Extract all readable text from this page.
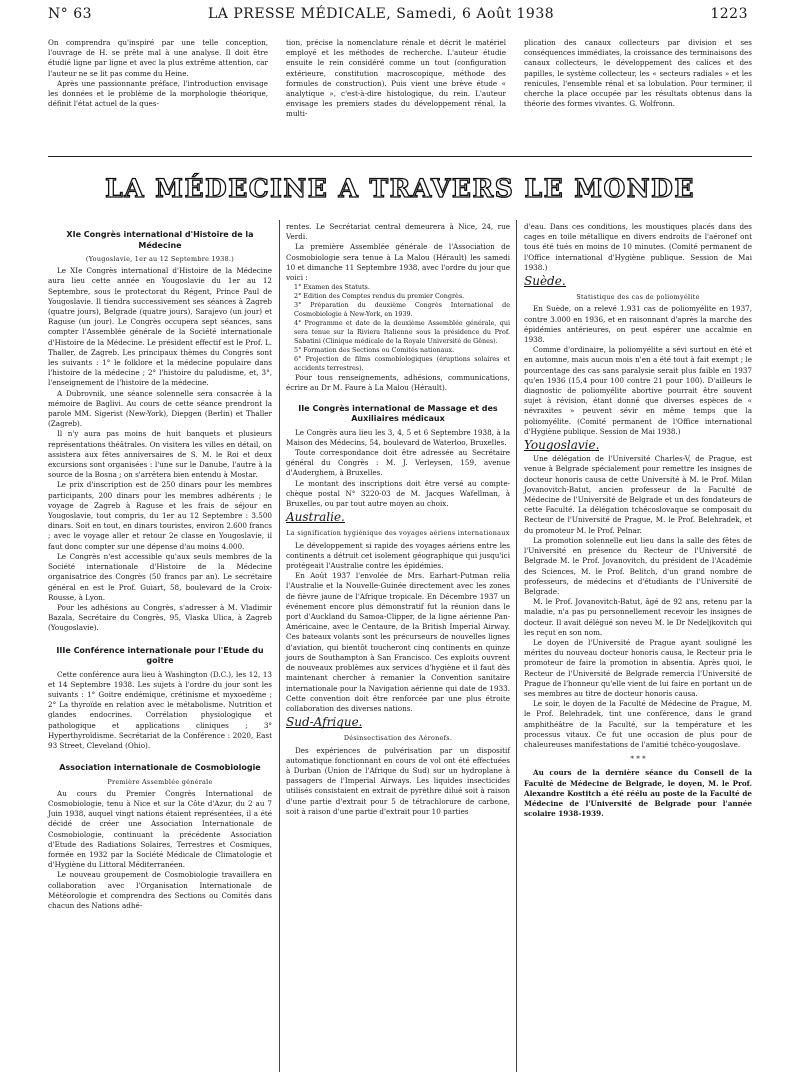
N° 63	LA PRESSE MÉDICALE, Samedi, 6 Août 1938	1223

On comprendra qu'inspiré par une telle conception, l'ouvrage de H. se prête mal à une analyse. Il doit être étudié ligne par ligne et avec la plus extrême attention, car l'auteur ne se lit pas comme du Heine.

Après une passionnante préface, l'introduction envisage les données et le problème de la morphologie théorique, définit l'état actuel de la ques-

tion, précise la nomenclature rénale et décrit le matériel employé et les méthodes de recherche. L'auteur étudie ensuite le rein considéré comme un tout (configuration extérieure, constitution macroscopique, méthode des formules de construction). Puis vient une brève étude « analytique », c'est-à-dire histologique, du rein. L'auteur envisage les premiers stades du développement rénal, la multi-

plication des canaux collecteurs par division et ses conséquences immédiates, la croissance des terminaisons des canaux collecteurs, le développement des calices et des papilles, le système collecteur, les « secteurs radiales » et les renicules, l'ensemble rénal et sa lobulation. Pour terminer, il cherche la place occupée par les résultats obtenus dans la théorie des formes vivantes. G. Wolfronn.

LA MÉDECINE A TRAVERS LE MONDE
XIe Congrès international d'Histoire de la Médecine
(Yougoslavie, 1er au 12 Septembre 1938.)

Le XIe Congrès international d'Histoire de la Médecine aura lieu cette année en Yougoslavie du 1er au 12 Septembre, sous le protectorat du Régent, Prince Paul de Yougoslavie. Il tiendra successivement ses séances à Zagreb (quatre jours), Belgrade (quatre jours), Sarajevo (un jour) et Raguse (un jour). Le Congrès occupera sept séances, sans compter l'Assemblée générale de la Société internationale d'Histoire de la Médecine. Le président effectif est le Prof. L. Thaller, de Zagreb. Les principaux thèmes du Congrès sont les suivants : 1° le folklore et la médecine populaire dans l'histoire de la médecine ; 2° l'histoire du paludisme, et, 3°, l'enseignement de l'histoire de la médecine.

A Dubrovnik, une séance solennelle sera consacrée à la mémoire de Baglivi. Au cours de cette séance prendront la parole MM. Sigerist (New-York), Diepgen (Berlin) et Thaller (Zagreb).

Il n'y aura pas moins de huit banquets et plusieurs représentations théâtrales. On visitera les villes en détail, on assistera aux fêtes anniversaires de S. M. le Roi et deux excursions sont organisées : l'une sur le Danube, l'autre à la source de la Bosna ; on s'arrêtera bien entendu à Mostar.

Le prix d'inscription est de 250 dinars pour les membres participants, 200 dinars pour les membres adhérents ; le voyage de Zagreb à Raguse et les frais de séjour en Yougoslavie, tout compris, du 1er au 12 Septembre : 3.500 dinars. Soit en tout, en dinars touristes, environ 2.600 francs ; avec le voyage aller et retour 2e classe en Yougoslavie, il faut donc compter sur une dépense d'au moins 4.000.

Le Congrès n'est accessible qu'aux seuls membres de la Société internationale d'Histoire de la Médecine organisatrice des Congrès (50 francs par an). Le secrétaire général en est le Prof. Guiart, 58, boulevard de la Croix-Rousse, à Lyon.

Pour les adhésions au Congrès, s'adresser à M. Vladimir Bazala, Secrétaire du Congrès, 95, Vlaska Ulica, à Zagreb (Yougoslavie).

IIIe Conférence internationale pour l'Etude du goitre

Cette conférence aura lieu à Washington (D.C.), les 12, 13 et 14 Septembre 1938. Les sujets à l'ordre du jour sont les suivants : 1° Goitre endémique, crétinisme et myxoedème ; 2° La thyroïde en relation avec le métabolisme. Nutrition et glandes endocrines. Corrélation physiologique et pathologique et applications cliniques ; 3° Hyperthyroïdisme. Secrétariat de la Conférence : 2020, East 93 Street, Cleveland (Ohio).

Association internationale de Cosmobiologie
Première Assemblée générale

Au cours du Premier Congrès International de Cosmobiologie, tenu à Nice et sur la Côte d'Azur, du 2 au 7 Juin 1938, auquel vingt nations étaient représentées, il a été décidé de créer une Association Internationale de Cosmobiologie, continuant la précédente Association d'Etude des Radiations Solaires, Terrestres et Cosmiques, formée en 1932 par la Société Médicale de Climatologie et d'Hygiène du Littoral Méditerranéen.

Le nouveau groupement de Cosmobiologie travaillera en collaboration avec l'Organisation Internationale de Météorologie et comprendra des Sections ou Comités dans chacun des Nations adhé-

rentes. Le Secrétariat central demeurera à Nice, 24, rue Verdi.

La première Assemblée générale de l'Association de Cosmobiologie sera tenue à La Malou (Hérault) les samedi 10 et dimanche 11 Septembre 1938, avec l'ordre du jour que voici :

1° Examen des Statuts.
2° Edition des Comptes rendus du premier Congrès.
3° Préparation du deuxième Congrès International de Cosmobiologie à New-York, en 1939.
4° Programme et date de la deuxième Assemblée générale, qui sera tenue sur la Riviera Italienne sous la présidence du Prof. Sabatini (Clinique médicale de la Royale Université de Gênes).
5° Formation des Sections ou Comités nationaux.
6° Projection de films cosmobiologiques (éruptions solaires et accidents terrestres).

Pour tous renseignements, adhésions, communications, écrire au Dr M. Faure à La Malou (Hérault).

IIe Congrès international de Massage et des Auxiliaires médicaux

Le Congrès aura lieu les 3, 4, 5 et 6 Septembre 1938, à la Maison des Médecins, 54, boulevard de Waterloo, Bruxelles.

Toute correspondance doit être adressée au Secrétaire général du Congrès : M. J. Verleysen, 159, avenue d'Auderghem, à Bruxelles.

Le montant des inscriptions doit être versé au compte-chèque postal N° 3220-03 de M. Jacques Wafellman, à Bruxelles, ou par tout autre moyen au choix.

Australie.
La signification hygiénique des voyages aériens internationaux

Le développement si rapide des voyages aériens entre les continents a détruit cet isolement géographique qui jusqu'ici protégeait l'Australie contre les épidémies.

En Août 1937 l'envolée de Mrs. Earhart-Putman relia l'Australie et la Nouvelle-Guinée directement avec les zones de fièvre jaune de l'Afrique tropicale. En Décembre 1937 un événement encore plus démonstratif fut la réunion dans le port d'Auckland du Samoa-Clipper, de la ligne aérienne Pan-Américaine, avec le Centaure, de la British Imperial Airway. Ces bateaux volants sont les précurseurs de nouvelles lignes d'aviation, qui bientôt toucheront cinq continents en quinze jours de Southampton à San Francisco. Ces exploits ouvrent de nouveaux problèmes aux services d'hygiène et il faut dès maintenant chercher à remanier la Convention sanitaire internationale pour la Navigation aérienne qui date de 1933. Cette convention doit être renforcée par une plus étroite collaboration des diverses nations.

Sud-Afrique.
Désinsectisation des Aéronefs.

Des expériences de pulvérisation par un dispositif automatique fonctionnant en cours de vol ont été effectuées à Durban (Union de l'Afrique du Sud) sur un hydroplane à passagers de l'Imperial Airways. Les liquides insecticides utilisés consistaient en extrait de pyrèthre dilué soit à raison d'une partie d'extrait pour 5 de tétrachlorure de carbone, soit à raison d'une partie d'extrait pour 10 parties

d'eau. Dans ces conditions, les moustiques placés dans des cages en toile métallique en divers endroits de l'aéronef ont tous été tués en moins de 10 minutes. (Comité permanent de l'Office international d'Hygiène publique. Session de Mai 1938.)

Suède.
Statistique des cas de poliomyélite

En Suède, on a relevé 1.931 cas de poliomyélite en 1937, contre 3.000 en 1936, et en raisonnant d'après la marche des épidémies antérieures, on peut espérer une accalmie en 1938.

Comme d'ordinaire, la poliomyélite a sévi surtout en été et en automne, mais aucun mois n'en a été tout à fait exempt ; le pourcentage des cas sans paralysie serait plus faible en 1937 qu'en 1936 (15,4 pour 100 contre 21 pour 100). D'ailleurs le diagnostic de poliomyélite abortive pourrait être souvent sujet à révision, étant donné que diverses espèces de « névraxites » peuvent sévir en même temps que la poliomyélite. (Comité permanent de l'Office international d'Hygiène publique. Session de Mai 1938.)

Yougoslavie.

Une délégation de l'Université Charles-V, de Prague, est venue à Belgrade spécialement pour remettre les insignes de docteur honoris causa de cette Université à M. le Prof. Milan Jovanovitch-Batut, ancien professeur de la Faculté de Médecine de l'Université de Belgrade et un des fondateurs de cette Faculté. La délégation tchécoslovaque se composait du Recteur de l'Université de Prague, M. le Prof. Belehradek, et du promoteur M. le Prof. Pelnar.

La promotion solennelle eut lieu dans la salle des fêtes de l'Université en présence du Recteur de l'Université de Belgrade M. le Prof. Jovanovitch, du président de l'Académie des Sciences, M. le Prof. Belitch, d'un grand nombre de professeurs, de médecins et d'étudiants de l'Université de Belgrade.

M. le Prof. Jovanovitch-Batut, âgé de 92 ans, retenu par la maladie, n'a pas pu personnellement recevoir les insignes de docteur. Il avait délégué son neveu M. le Dr Nedeljkovitch qui les reçut en son nom.

Le doyen de l'Université de Prague ayant souligné les mérites du nouveau docteur honoris causa, le Recteur pria le promoteur de faire la promotion in absentia. Après quoi, le Recteur de l'Université de Belgrade remercia l'Université de Prague de l'honneur qu'elle vient de lui faire en portant un de ses membres au titre de docteur honoris causa.

Le soir, le doyen de la Faculté de Médecine de Prague, M. le Prof. Belehradek, tint une conférence, dans le grand amphithéâtre de la Faculté, sur la température et les processus vitaux. Ce fut une occasion de plus pour de chaleureuses manifestations de l'amitié tchéco-yougoslave.

* * *

Au cours de la dernière séance du Conseil de la Faculté de Médecine de Belgrade, le doyen, M. le Prof. Alexandre Kostitch a été réélu au poste de la Faculté de Médecine de l'Université de Belgrade pour l'année scolaire 1938-1939.
